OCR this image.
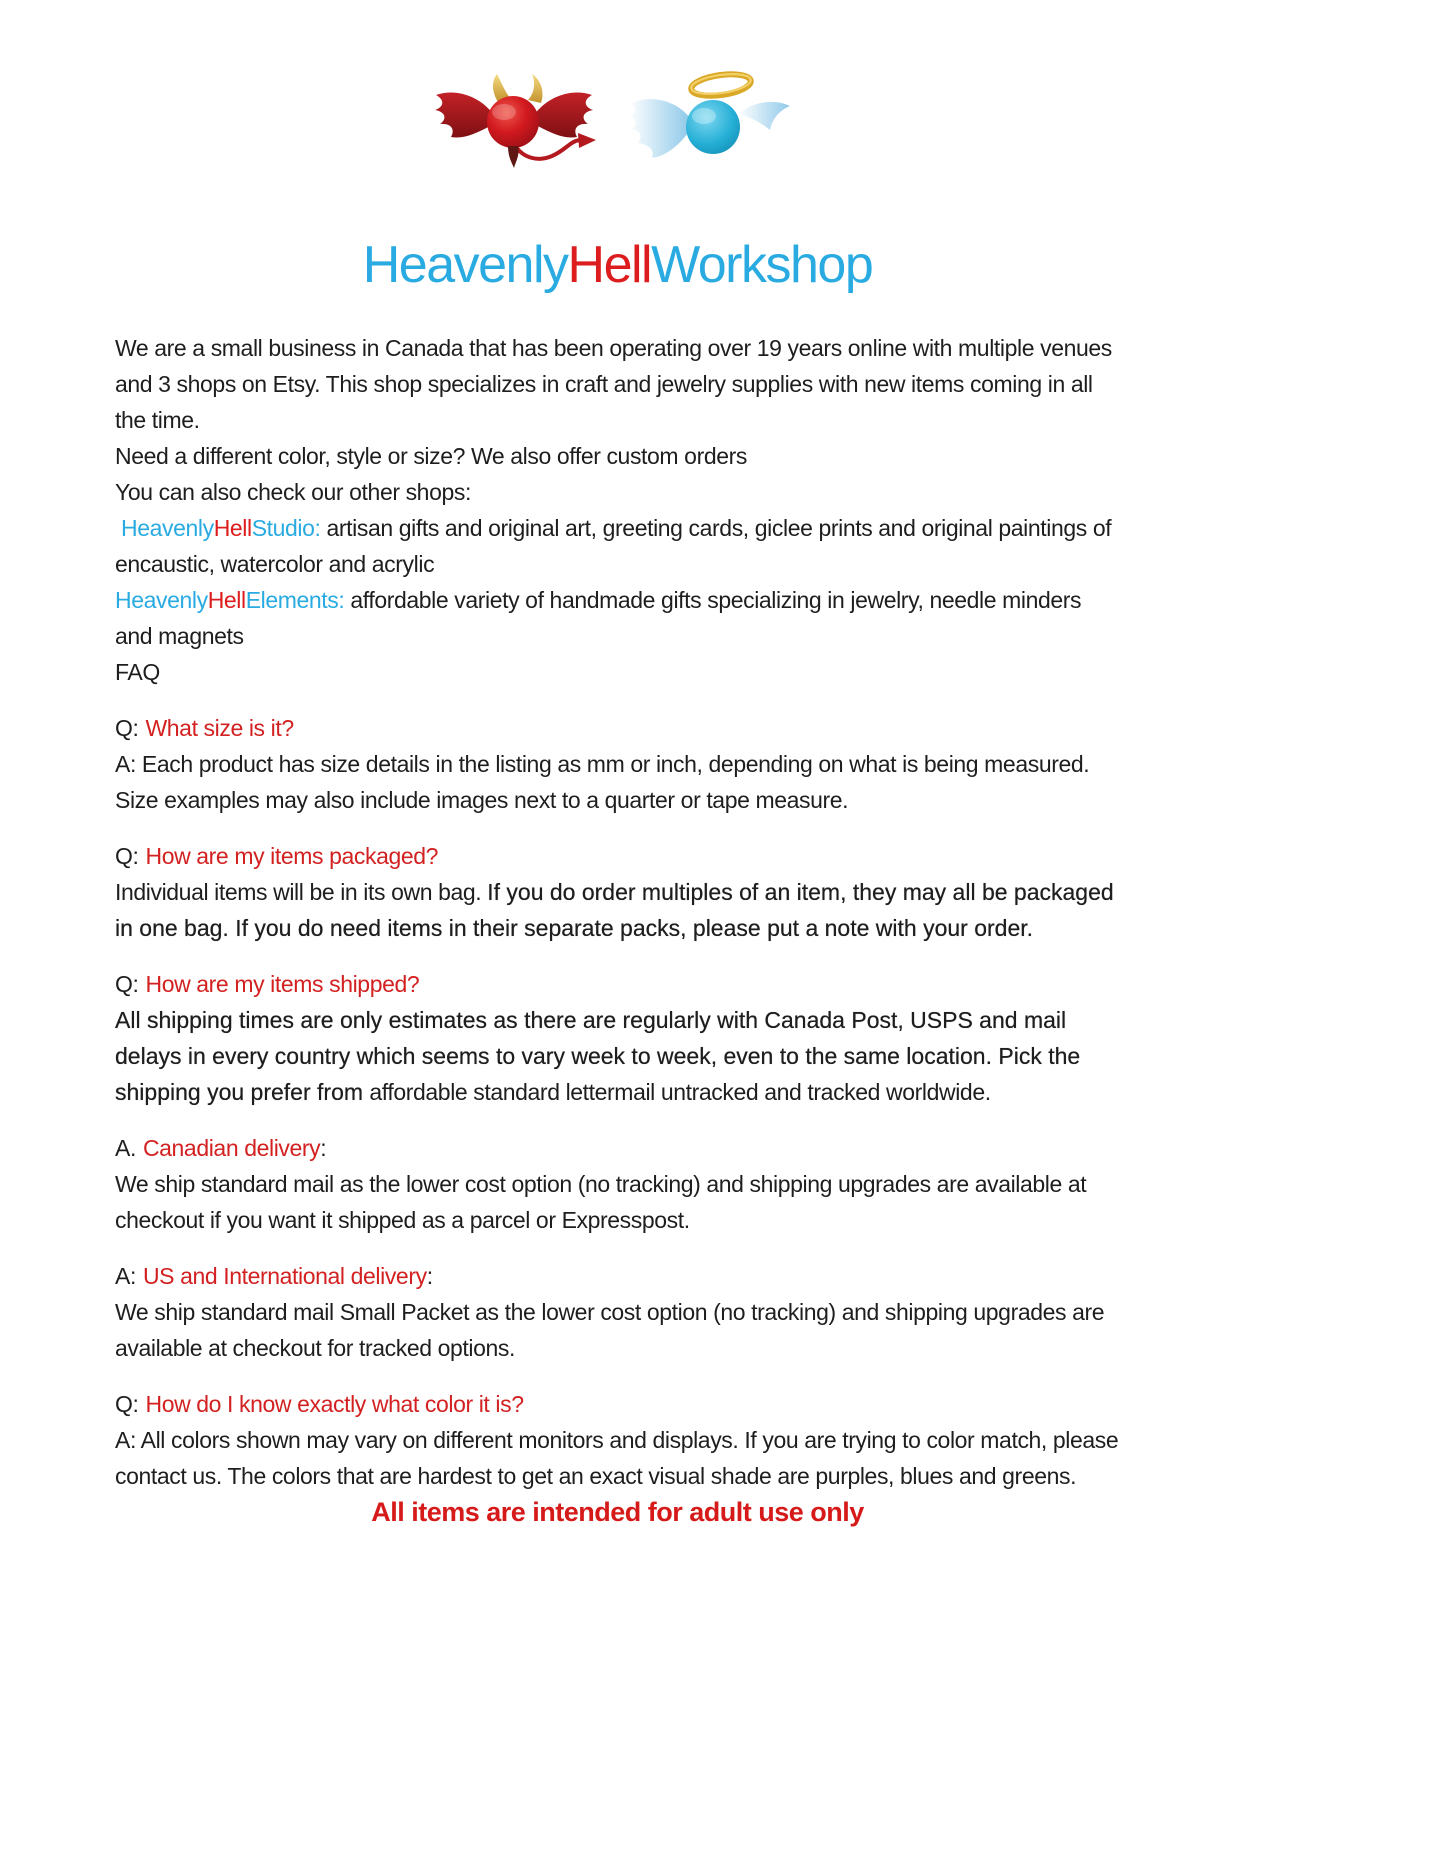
HeavenlyHellWorkshop

We are a small business in Canada that has been operating over 19 years online with multiple venues and 3 shops on Etsy. This shop specializes in craft and jewelry supplies with new items coming in all the time.

Need a different color, style or size? We also offer custom orders

You can also check our other shops:
HeavenlyHellStudio: artisan gifts and original art, greeting cards, giclee prints and original paintings of encaustic, watercolor and acrylic
HeavenlyHellElements: affordable variety of handmade gifts specializing in jewelry, needle minders and magnets
FAQ

Q: What size is it?

A: Each product has size details in the listing as mm or inch, depending on what is being measured. Size examples may also include images next to a quarter or tape measure.

Q: How are my items packaged?

Individual items will be in its own bag. If you do order multiples of an item, they may all be packaged in one bag. If you do need items in their separate packs, please put a note with your order.

Q: How are my items shipped?

All shipping times are only estimates as there are regularly with Canada Post, USPS and mail delays in every country which seems to vary week to week, even to the same location. Pick the shipping you prefer from affordable standard lettermail untracked and tracked worldwide.

A. Canadian delivery:

We ship standard mail as the lower cost option (no tracking) and shipping upgrades are available at checkout if you want it shipped as a parcel or Expresspost.

A: US and International delivery:

We ship standard mail Small Packet as the lower cost option (no tracking) and shipping upgrades are available at checkout for tracked options.

Q: How do I know exactly what color it is?

A: All colors shown may vary on different monitors and displays. If you are trying to color match, please contact us. The colors that are hardest to get an exact visual shade are purples, blues and greens.

All items are intended for adult use only
